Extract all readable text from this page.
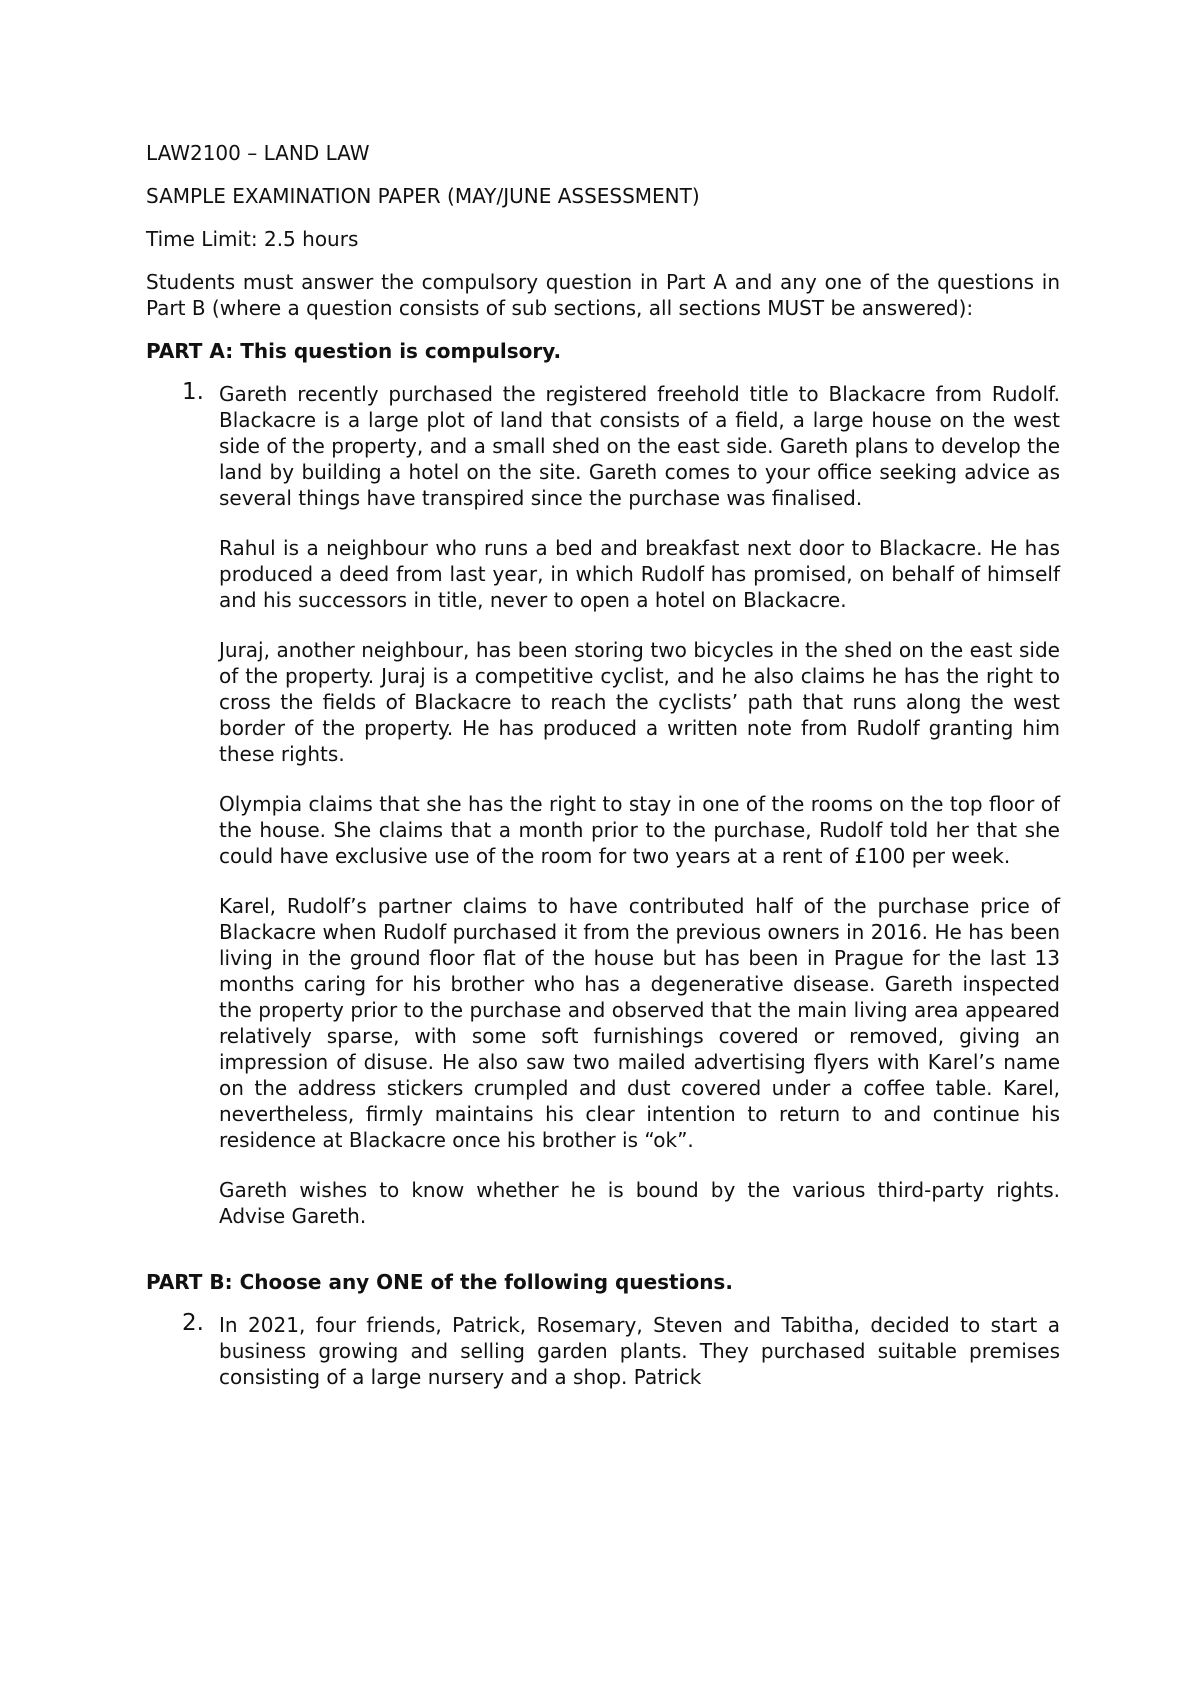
LAW2100 – LAND LAW

SAMPLE EXAMINATION PAPER (MAY/JUNE ASSESSMENT)

Time Limit: 2.5 hours

Students must answer the compulsory question in Part A and any one of the questions in Part B (where a question consists of sub sections, all sections MUST be answered):

PART A: This question is compulsory.

1. Gareth recently purchased the registered freehold title to Blackacre from Rudolf. Blackacre is a large plot of land that consists of a field, a large house on the west side of the property, and a small shed on the east side. Gareth plans to develop the land by building a hotel on the site. Gareth comes to your office seeking advice as several things have transpired since the purchase was finalised.

Rahul is a neighbour who runs a bed and breakfast next door to Blackacre. He has produced a deed from last year, in which Rudolf has promised, on behalf of himself and his successors in title, never to open a hotel on Blackacre.

Juraj, another neighbour, has been storing two bicycles in the shed on the east side of the property. Juraj is a competitive cyclist, and he also claims he has the right to cross the fields of Blackacre to reach the cyclists’ path that runs along the west border of the property. He has produced a written note from Rudolf granting him these rights.

Olympia claims that she has the right to stay in one of the rooms on the top floor of the house. She claims that a month prior to the purchase, Rudolf told her that she could have exclusive use of the room for two years at a rent of £100 per week.

Karel, Rudolf’s partner claims to have contributed half of the purchase price of Blackacre when Rudolf purchased it from the previous owners in 2016. He has been living in the ground floor flat of the house but has been in Prague for the last 13 months caring for his brother who has a degenerative disease. Gareth inspected the property prior to the purchase and observed that the main living area appeared relatively sparse, with some soft furnishings covered or removed, giving an impression of disuse. He also saw two mailed advertising flyers with Karel’s name on the address stickers crumpled and dust covered under a coffee table. Karel, nevertheless, firmly maintains his clear intention to return to and continue his residence at Blackacre once his brother is “ok”.

Gareth wishes to know whether he is bound by the various third-party rights. Advise Gareth.

PART B: Choose any ONE of the following questions.

2. In 2021, four friends, Patrick, Rosemary, Steven and Tabitha, decided to start a business growing and selling garden plants. They purchased suitable premises consisting of a large nursery and a shop. Patrick
